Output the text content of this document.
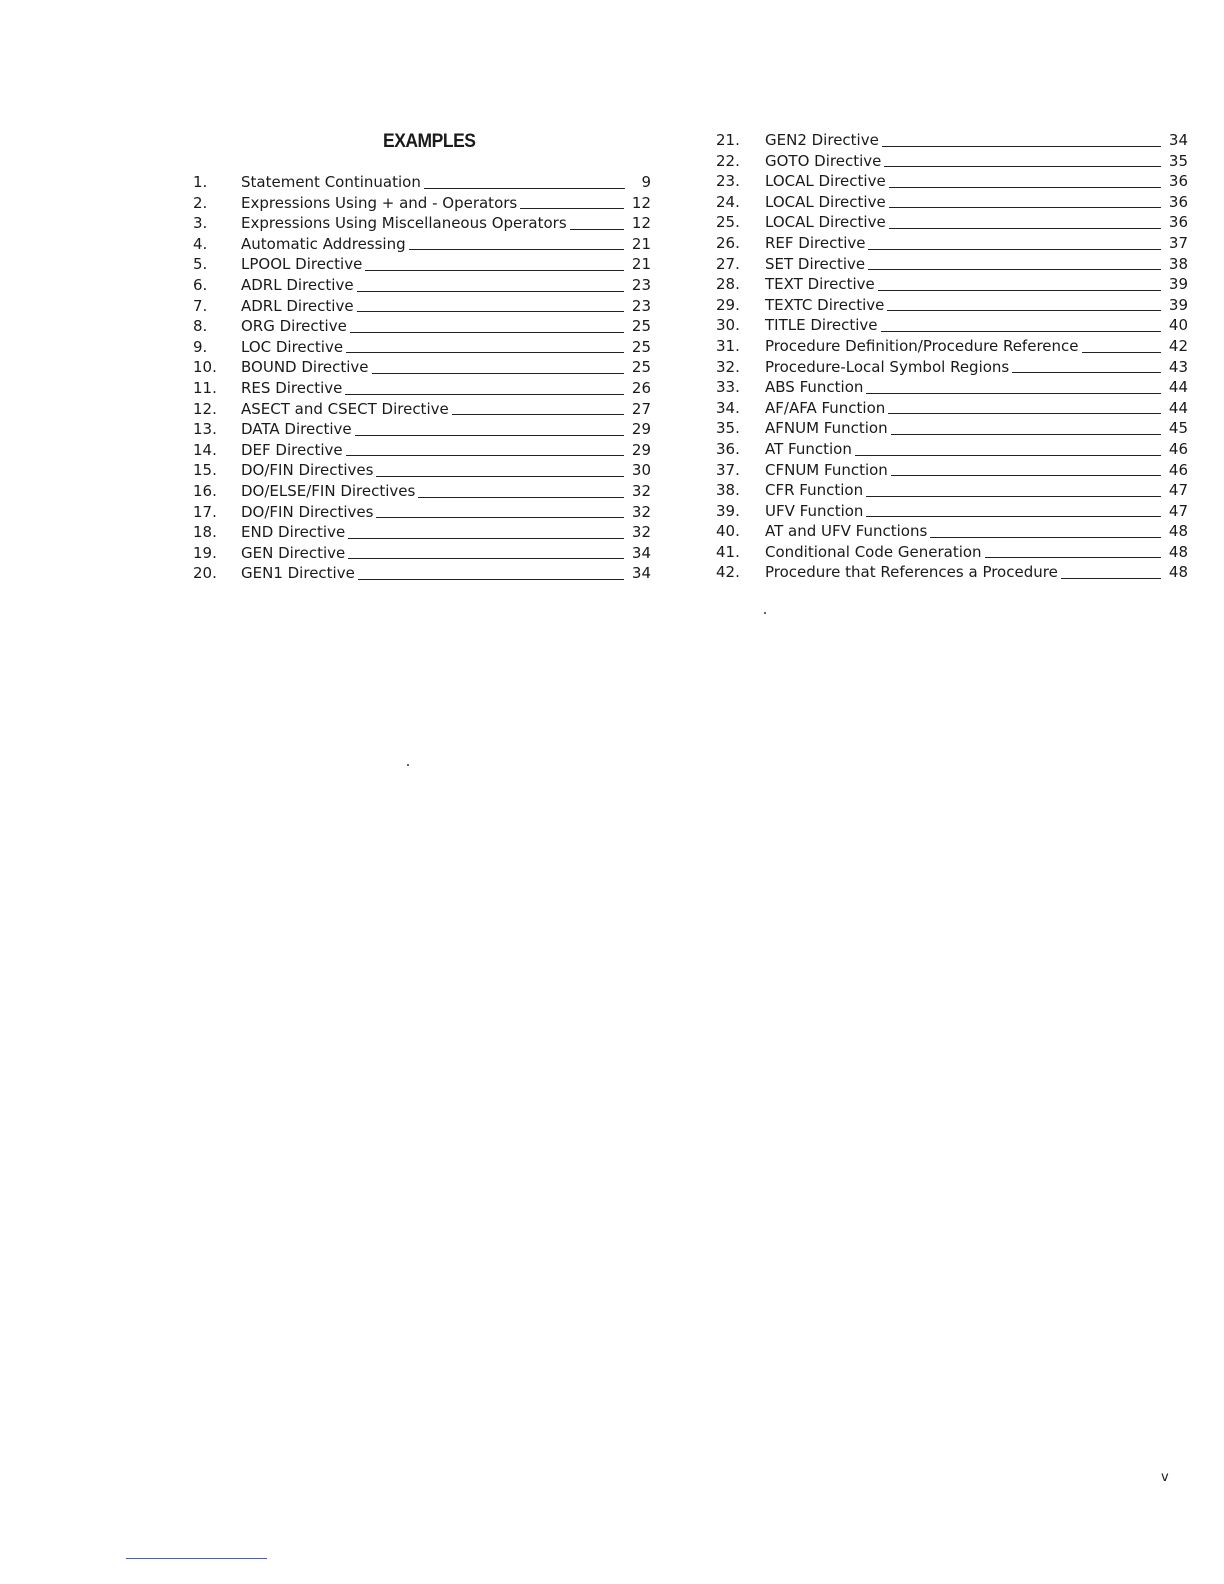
EXAMPLES
1.	Statement Continuation	9
2.	Expressions Using + and - Operators	12
3.	Expressions Using Miscellaneous Operators	12
4.	Automatic Addressing	21
5.	LPOOL Directive	21
6.	ADRL Directive	23
7.	ADRL Directive	23
8.	ORG Directive	25
9.	LOC Directive	25
10.	BOUND Directive	25
11.	RES Directive	26
12.	ASECT and CSECT Directive	27
13.	DATA Directive	29
14.	DEF Directive	29
15.	DO/FIN Directives	30
16.	DO/ELSE/FIN Directives	32
17.	DO/FIN Directives	32
18.	END Directive	32
19.	GEN Directive	34
20.	GEN1 Directive	34
21.	GEN2 Directive	34
22.	GOTO Directive	35
23.	LOCAL Directive	36
24.	LOCAL Directive	36
25.	LOCAL Directive	36
26.	REF Directive	37
27.	SET Directive	38
28.	TEXT Directive	39
29.	TEXTC Directive	39
30.	TITLE Directive	40
31.	Procedure Definition/Procedure Reference	42
32.	Procedure-Local Symbol Regions	43
33.	ABS Function	44
34.	AF/AFA Function	44
35.	AFNUM Function	45
36.	AT Function	46
37.	CFNUM Function	46
38.	CFR Function	47
39.	UFV Function	47
40.	AT and UFV Functions	48
41.	Conditional Code Generation	48
42.	Procedure that References a Procedure	48
v
